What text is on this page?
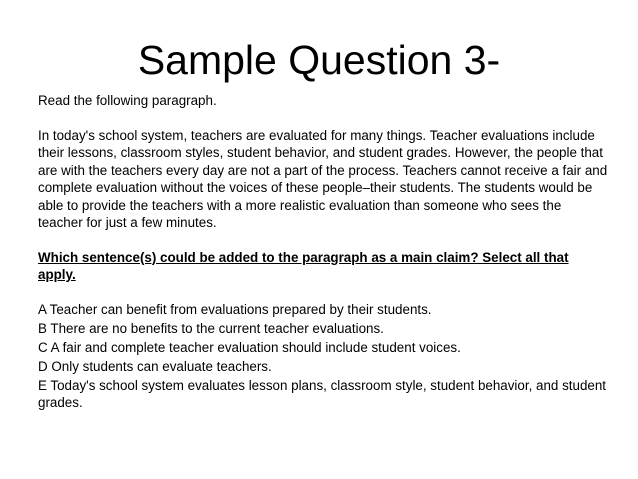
Sample Question 3-

Read the following paragraph.

In today's school system, teachers are evaluated for many things. Teacher evaluations include their lessons, classroom styles, student behavior, and student grades. However, the people that are with the teachers every day are not a part of the process. Teachers cannot receive a fair and complete evaluation without the voices of these people–their students. The students would be able to provide the teachers with a more realistic evaluation than someone who sees the teacher for just a few minutes.

Which sentence(s) could be added to the paragraph as a main claim? Select all that apply.

A Teacher can benefit from evaluations prepared by their students.
B There are no benefits to the current teacher evaluations.
C A fair and complete teacher evaluation should include student voices.
D Only students can evaluate teachers.
E Today's school system evaluates lesson plans, classroom style, student behavior, and student grades.
